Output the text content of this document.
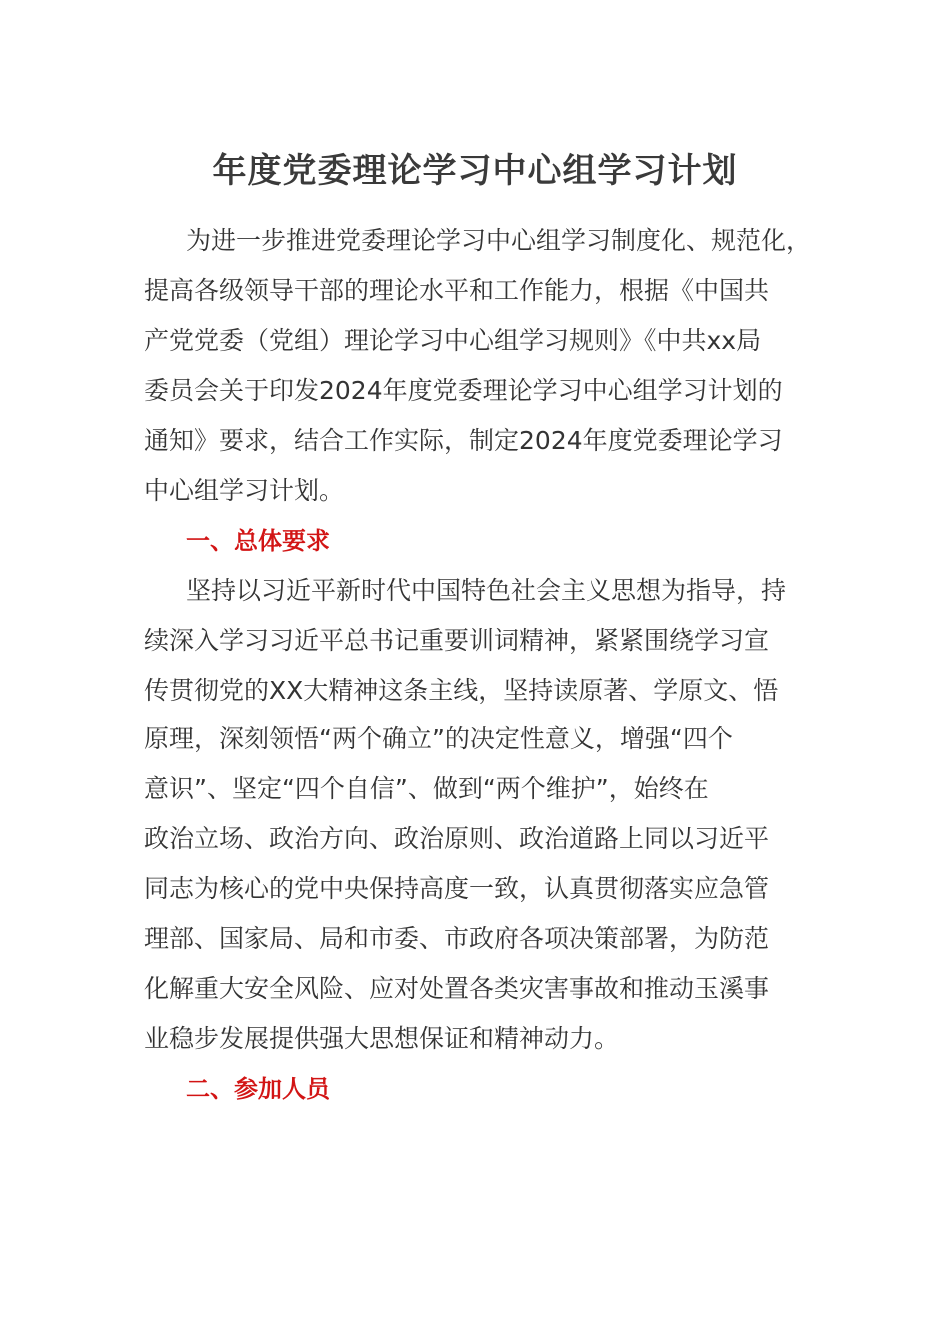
年度党委理论学习中心组学习计划
为进一步推进党委理论学习中心组学习制度化、规范化，
提高各级领导干部的理论水平和工作能力，根据《中国共
产党党委（党组）理论学习中心组学习规则》《中共xx局
委员会关于印发2024年度党委理论学习中心组学习计划的
通知》要求，结合工作实际，制定2024年度党委理论学习
中心组学习计划。
一、总体要求
坚持以习近平新时代中国特色社会主义思想为指导，持
续深入学习习近平总书记重要训词精神，紧紧围绕学习宣
传贯彻党的XX大精神这条主线，坚持读原著、学原文、悟
原理，深刻领悟“两个确立”的决定性意义，增强“四个
意识”、坚定“四个自信”、做到“两个维护”，始终在
政治立场、政治方向、政治原则、政治道路上同以习近平
同志为核心的党中央保持高度一致，认真贯彻落实应急管
理部、国家局、局和市委、市政府各项决策部署，为防范
化解重大安全风险、应对处置各类灾害事故和推动玉溪事
业稳步发展提供强大思想保证和精神动力。
二、参加人员
